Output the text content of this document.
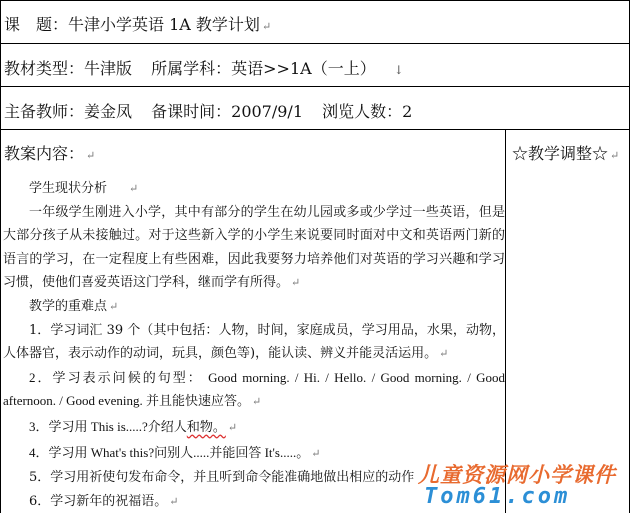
课　题：牛津小学英语 1A 教学计划 ↵
教材类型：牛津版 所属学科：英语>>1A（一上） ↓
主备教师：姜金凤 备课时间：2007/9/1 浏览人数：2
教案内容： ↵	☆教学调整☆ ↵

学生现状分析 ↵

一年级学生刚进入小学，其中有部分的学生在幼儿园或多或少学过一些英语，但是大部分孩子从未接触过。对于这些新入学的小学生来说要同时面对中文和英语两门新的语言的学习，在一定程度上有些困难，因此我要努力培养他们对英语的学习兴趣和学习习惯，使他们喜爱英语这门学科，继而学有所得。 ↵

教学的重难点 ↵

1．学习词汇 39 个（其中包括：人物，时间，家庭成员，学习用品，水果，动物，人体器官，表示动作的动词，玩具，颜色等)，能认读、辨义并能灵活运用。 ↵

2．学习表示问候的句型： Good morning. / Hi. / Hello. / Good morning. / Good afternoon. / Good evening. 并且能快速应答。 ↵

3．学习用 This is.....?介绍人和物。 ↵

4．学习用 What's this?问别人.....并能回答 It's.....。 ↵

5．学习用祈使句发布命令，并且听到命令能准确地做出相应的动作

6．学习新年的祝福语。 ↵

儿童资源网小学课件
Tom61.com
